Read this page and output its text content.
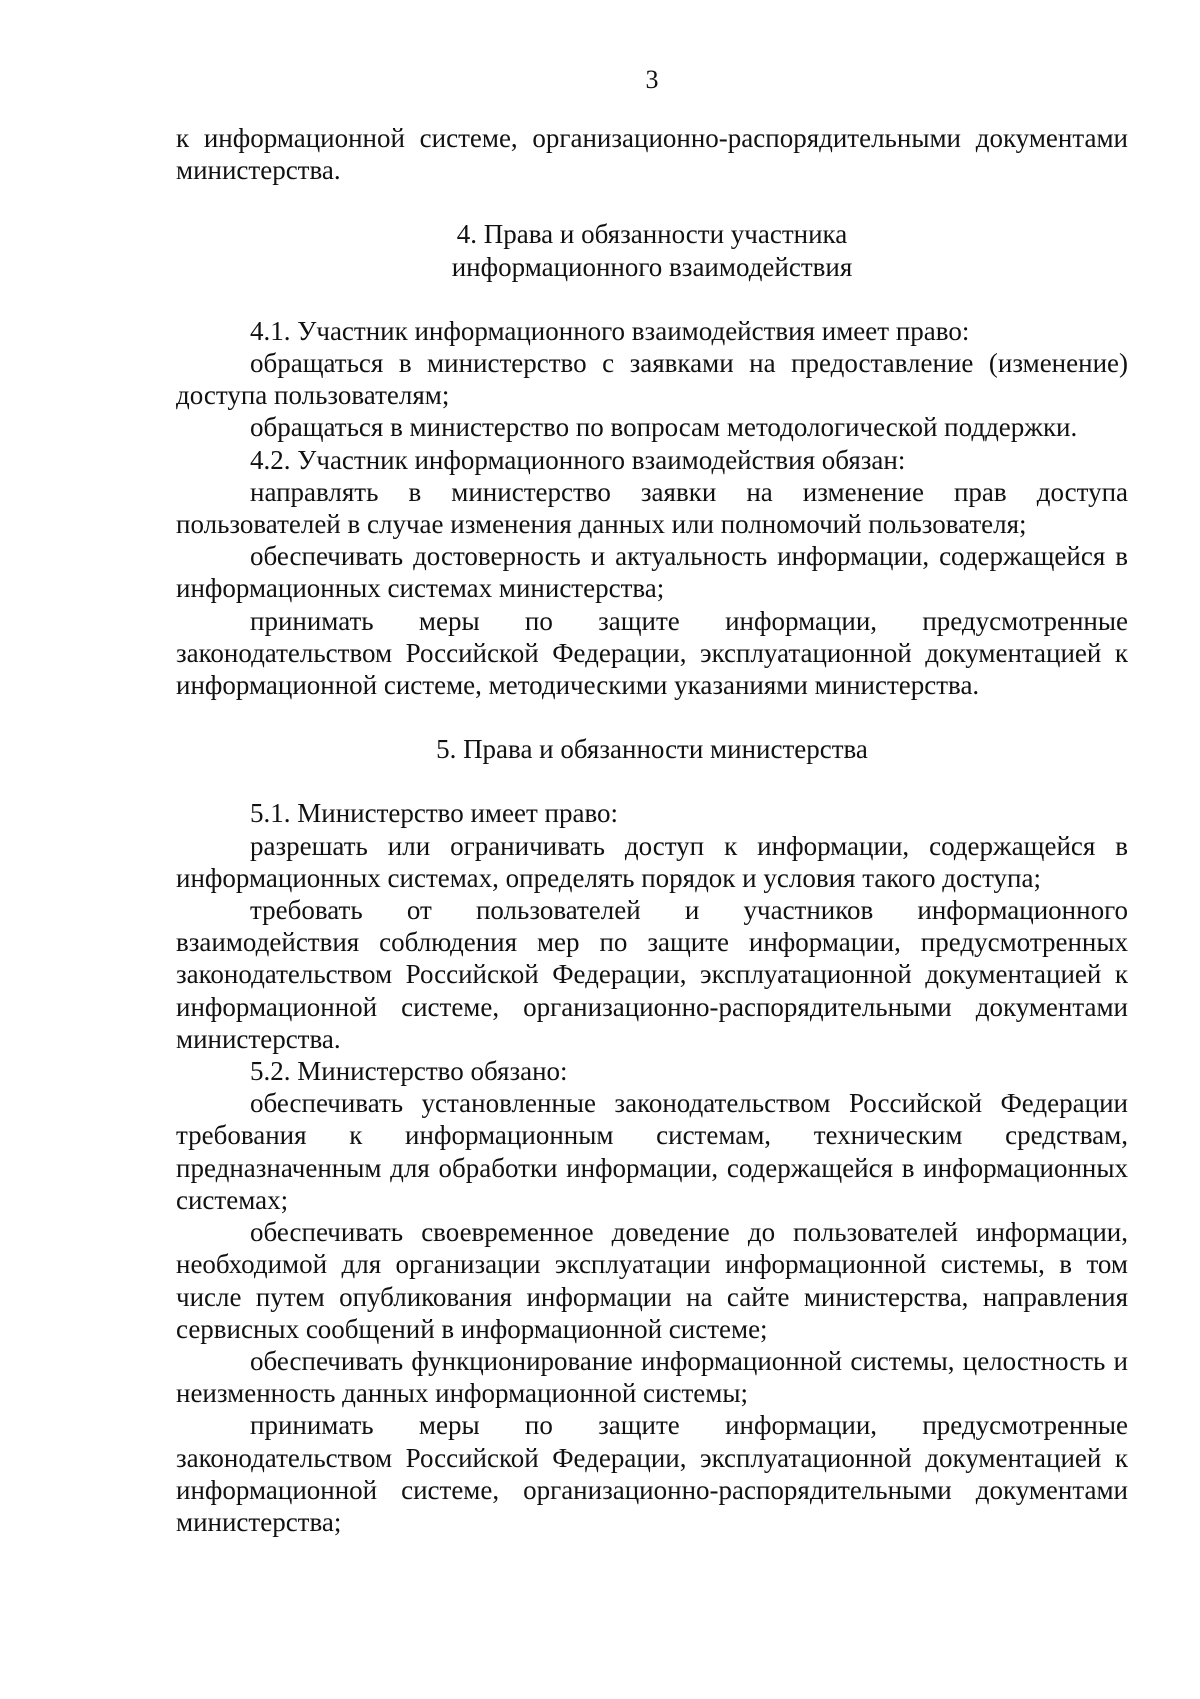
3

к информационной системе, организационно-распорядительными документами министерства.

4. Права и обязанности участника
информационного взаимодействия

4.1. Участник информационного взаимодействия имеет право:

обращаться в министерство с заявками на предоставление (изменение) доступа пользователям;

обращаться в министерство по вопросам методологической поддержки.

4.2. Участник информационного взаимодействия обязан:

направлять в министерство заявки на изменение прав доступа пользователей в случае изменения данных или полномочий пользователя;

обеспечивать достоверность и актуальность информации, содержащейся в информационных системах министерства;

принимать меры по защите информации, предусмотренные законодательством Российской Федерации, эксплуатационной документацией к информационной системе, методическими указаниями министерства.

5. Права и обязанности министерства

5.1. Министерство имеет право:

разрешать или ограничивать доступ к информации, содержащейся в информационных системах, определять порядок и условия такого доступа;

требовать от пользователей и участников информационного взаимодействия соблюдения мер по защите информации, предусмотренных законодательством Российской Федерации, эксплуатационной документацией к информационной системе, организационно-распорядительными документами министерства.

5.2. Министерство обязано:

обеспечивать установленные законодательством Российской Федерации требования к информационным системам, техническим средствам, предназначенным для обработки информации, содержащейся в информационных системах;

обеспечивать своевременное доведение до пользователей информации, необходимой для организации эксплуатации информационной системы, в том числе путем опубликования информации на сайте министерства, направления сервисных сообщений в информационной системе;

обеспечивать функционирование информационной системы, целостность и неизменность данных информационной системы;

принимать меры по защите информации, предусмотренные законодательством Российской Федерации, эксплуатационной документацией к информационной системе, организационно-распорядительными документами министерства;
